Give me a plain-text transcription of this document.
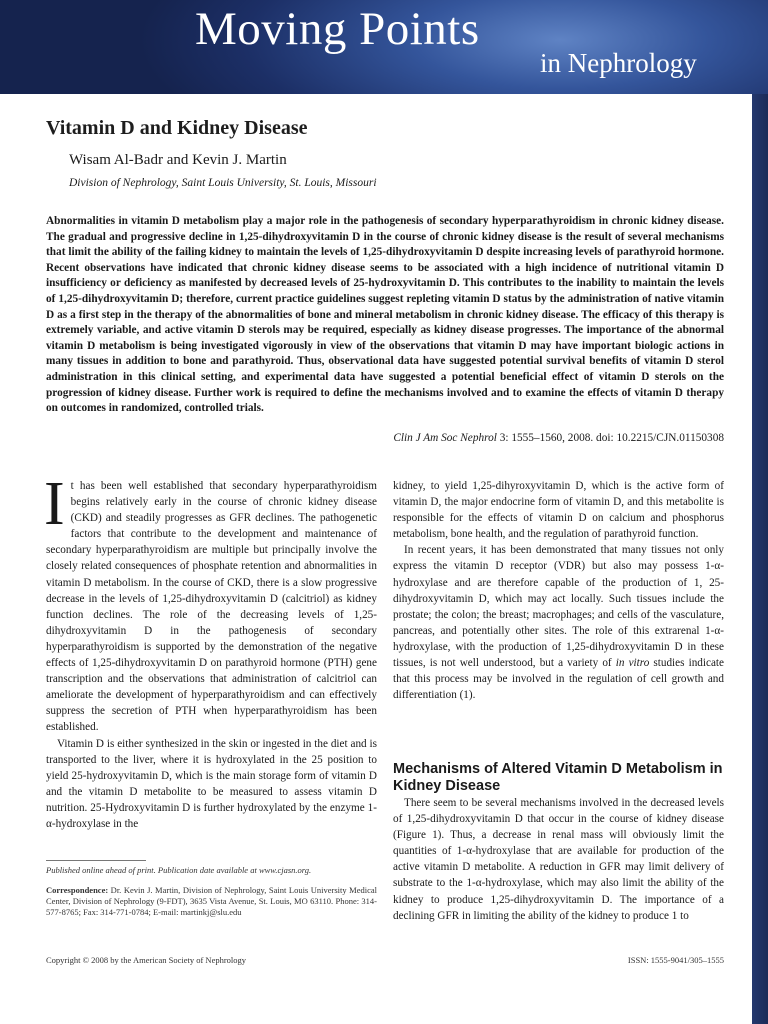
Moving Points
in Nephrology
Vitamin D and Kidney Disease
Wisam Al-Badr and Kevin J. Martin
Division of Nephrology, Saint Louis University, St. Louis, Missouri

Abnormalities in vitamin D metabolism play a major role in the pathogenesis of secondary hyperparathyroidism in chronic kidney disease. The gradual and progressive decline in 1,25-dihydroxyvitamin D in the course of chronic kidney disease is the result of several mechanisms that limit the ability of the failing kidney to maintain the levels of 1,25-dihydroxyvitamin D despite increasing levels of parathyroid hormone. Recent observations have indicated that chronic kidney disease seems to be associated with a high incidence of nutritional vitamin D insufficiency or deficiency as manifested by decreased levels of 25-hydroxyvitamin D. This contributes to the inability to maintain the levels of 1,25-dihydroxyvitamin D; therefore, current practice guidelines suggest repleting vitamin D status by the administration of native vitamin D as a first step in the therapy of the abnormalities of bone and mineral metabolism in chronic kidney disease. The efficacy of this therapy is extremely variable, and active vitamin D sterols may be required, especially as kidney disease progresses. The importance of the abnormal vitamin D metabolism is being investigated vigorously in view of the observations that vitamin D may have important biologic actions in many tissues in addition to bone and parathyroid. Thus, observational data have suggested potential survival benefits of vitamin D sterol administration in this clinical setting, and experimental data have suggested a potential beneficial effect of vitamin D sterols on the progression of kidney disease. Further work is required to define the mechanisms involved and to examine the effects of vitamin D therapy on outcomes in randomized, controlled trials.

Clin J Am Soc Nephrol 3: 1555–1560, 2008. doi: 10.2215/CJN.01150308

It has been well established that secondary hyperparathyroidism begins relatively early in the course of chronic kidney disease (CKD) and steadily progresses as GFR declines. The pathogenetic factors that contribute to the development and maintenance of secondary hyperparathyroidism are multiple but principally involve the closely related consequences of phosphate retention and abnormalities in vitamin D metabolism. In the course of CKD, there is a slow progressive decrease in the levels of 1,25-dihydroxyvitamin D (calcitriol) as kidney function declines. The role of the decreasing levels of 1,25-dihydroxyvitamin D in the pathogenesis of secondary hyperparathyroidism is supported by the demonstration of the negative effects of 1,25-dihydroxyvitamin D on parathyroid hormone (PTH) gene transcription and the observations that administration of calcitriol can ameliorate the development of hyperparathyroidism and can effectively suppress the secretion of PTH when hyperparathyroidism has been established.

Vitamin D is either synthesized in the skin or ingested in the diet and is transported to the liver, where it is hydroxylated in the 25 position to yield 25-hydroxyvitamin D, which is the main storage form of vitamin D and the vitamin D metabolite to be measured to assess vitamin D nutrition. 25-Hydroxyvitamin D is further hydroxylated by the enzyme 1-α-hydroxylase in the

kidney, to yield 1,25-dihyroxyvitamin D, which is the active form of vitamin D, the major endocrine form of vitamin D, and this metabolite is responsible for the effects of vitamin D on calcium and phosphorus metabolism, bone health, and the regulation of parathyroid function.

In recent years, it has been demonstrated that many tissues not only express the vitamin D receptor (VDR) but also may possess 1-α-hydroxylase and are therefore capable of the production of 1, 25-dihydroxyvitamin D, which may act locally. Such tissues include the prostate; the colon; the breast; macrophages; and cells of the vasculature, pancreas, and potentially other sites. The role of this extrarenal 1-α-hydroxylase, with the production of 1,25-dihydroxyvitamin D in these tissues, is not well understood, but a variety of in vitro studies indicate that this process may be involved in the regulation of cell growth and differentiation (1).

Mechanisms of Altered Vitamin D Metabolism in Kidney Disease

There seem to be several mechanisms involved in the decreased levels of 1,25-dihydroxyvitamin D that occur in the course of kidney disease (Figure 1). Thus, a decrease in renal mass will obviously limit the quantities of 1-α-hydroxylase that are available for production of the active vitamin D metabolite. A reduction in GFR may limit delivery of substrate to the 1-α-hydroxylase, which may also limit the ability of the kidney to produce 1,25-dihydroxyvitamin D. The importance of a declining GFR in limiting the ability of the kidney to produce 1 to

Published online ahead of print. Publication date available at www.cjasn.org.
Correspondence: Dr. Kevin J. Martin, Division of Nephrology, Saint Louis University Medical Center, Division of Nephrology (9-FDT), 3635 Vista Avenue, St. Louis, MO 63110. Phone: 314-577-8765; Fax: 314-771-0784; E-mail: martinkj@slu.edu
Copyright © 2008 by the American Society of Nephrology	ISSN: 1555-9041/305–1555
